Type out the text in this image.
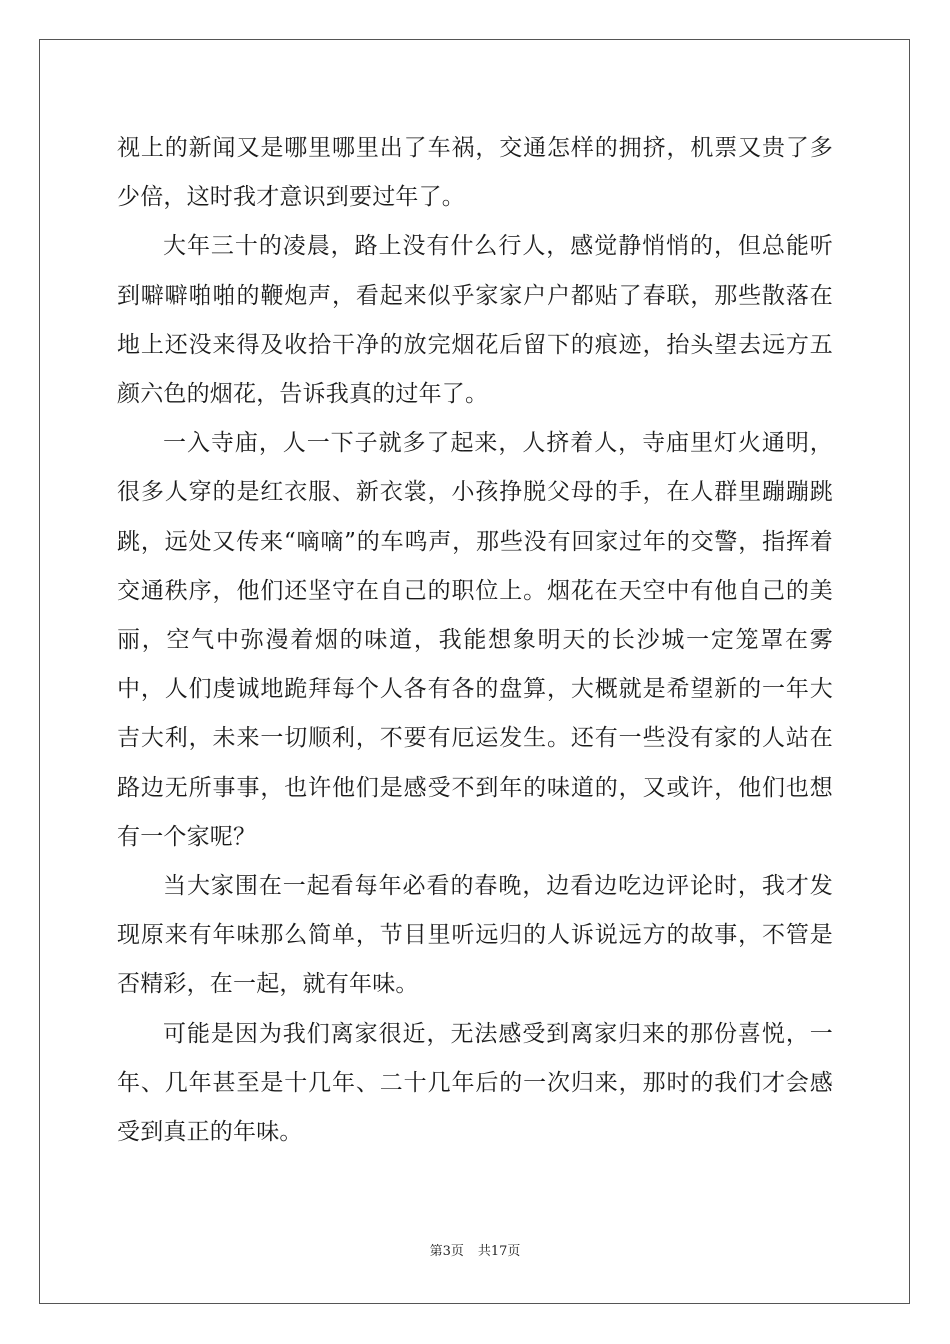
视上的新闻又是哪里哪里出了车祸，交通怎样的拥挤，机票又贵了多少倍，这时我才意识到要过年了。

大年三十的凌晨，路上没有什么行人，感觉静悄悄的，但总能听到噼噼啪啪的鞭炮声，看起来似乎家家户户都贴了春联，那些散落在地上还没来得及收拾干净的放完烟花后留下的痕迹，抬头望去远方五颜六色的烟花，告诉我真的过年了。

一入寺庙，人一下子就多了起来，人挤着人，寺庙里灯火通明，很多人穿的是红衣服、新衣裳，小孩挣脱父母的手，在人群里蹦蹦跳跳，远处又传来“嘀嘀”的车鸣声，那些没有回家过年的交警，指挥着交通秩序，他们还坚守在自己的职位上。烟花在天空中有他自己的美丽，空气中弥漫着烟的味道，我能想象明天的长沙城一定笼罩在雾中，人们虔诚地跪拜每个人各有各的盘算，大概就是希望新的一年大吉大利，未来一切顺利，不要有厄运发生。还有一些没有家的人站在路边无所事事，也许他们是感受不到年的味道的，又或许，他们也想有一个家呢？

当大家围在一起看每年必看的春晚，边看边吃边评论时，我才发现原来有年味那么简单，节目里听远归的人诉说远方的故事，不管是否精彩，在一起，就有年味。

可能是因为我们离家很近，无法感受到离家归来的那份喜悦，一年、几年甚至是十几年、二十几年后的一次归来，那时的我们才会感受到真正的年味。

第3页 共17页
